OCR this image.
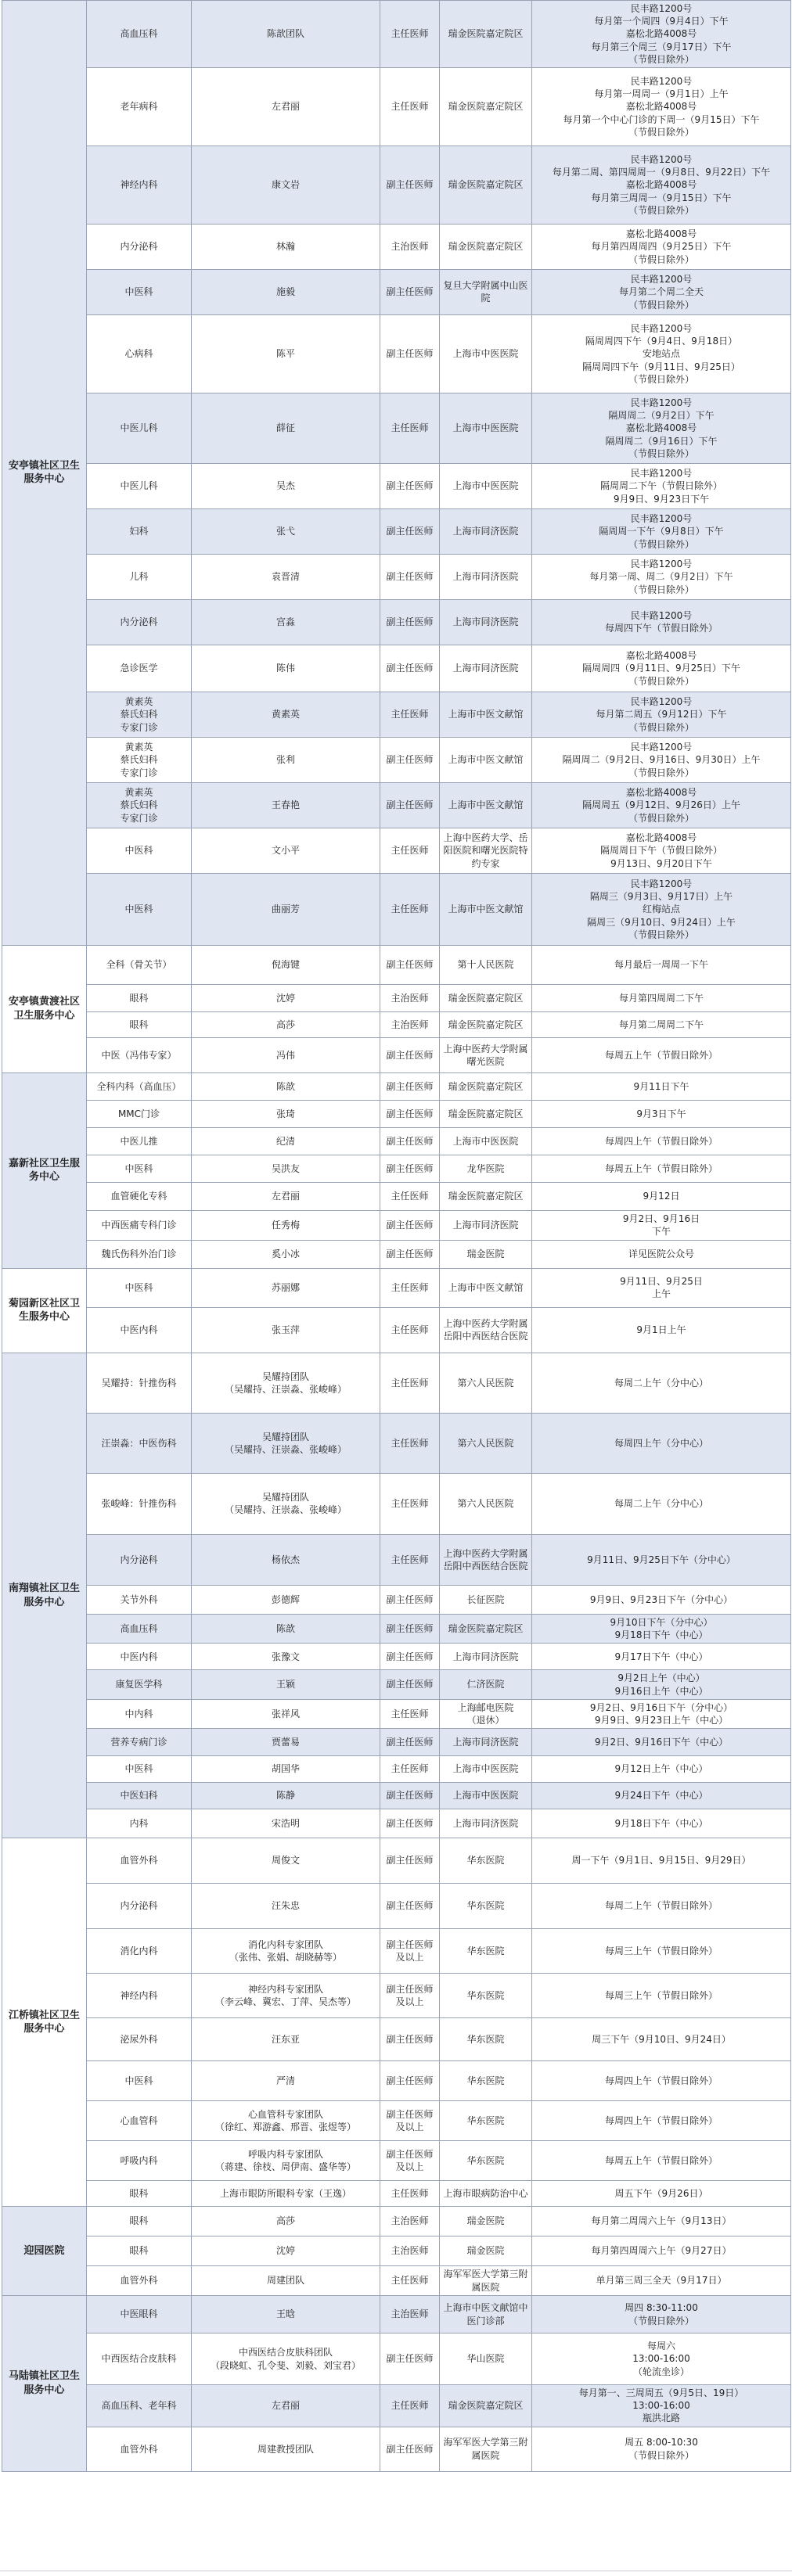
安亭镇社区卫生服务中心	高血压科	陈歆团队	主任医师	瑞金医院嘉定院区	民丰路1200号
每月第一个周四（9月4日）下午
嘉松北路4008号
每月第三个周三（9月17日）下午
（节假日除外）
	老年病科	左君丽	主任医师	瑞金医院嘉定院区	民丰路1200号
每月第一周周一（9月1日）上午
嘉松北路4008号
每月第一个中心门诊的下周一（9月15日）下午
（节假日除外）
	神经内科	康文岩	副主任医师	瑞金医院嘉定院区	民丰路1200号
每月第二周、第四周周一（9月8日、9月22日）下午
嘉松北路4008号
每月第三周周一（9月15日）下午
（节假日除外）
	内分泌科	林瀚	主治医师	瑞金医院嘉定院区	嘉松北路4008号
每月第四周周四（9月25日）下午
（节假日除外）
	中医科	施毅	副主任医师	复旦大学附属中山医院	民丰路1200号
每月第二个周二全天
（节假日除外）
	心病科	陈平	副主任医师	上海市中医医院	民丰路1200号
隔周周四下午（9月4日、9月18日）
安地站点
隔周周四下午（9月11日、9月25日）
（节假日除外）
	中医儿科	薛征	主任医师	上海市中医医院	民丰路1200号
隔周周二（9月2日）下午
嘉松北路4008号
隔周周二（9月16日）下午
（节假日除外）
	中医儿科	吴杰	副主任医师	上海市中医医院	民丰路1200号
隔周周二下午（节假日除外）
9月9日、9月23日下午
	妇科	张弋	副主任医师	上海市同济医院	民丰路1200号
隔周周一下午（9月8日）下午
（节假日除外）
	儿科	袁晋清	副主任医师	上海市同济医院	民丰路1200号
每月第一周、周二（9月2日）下午
（节假日除外）
	内分泌科	宫淼	副主任医师	上海市同济医院	民丰路1200号
每周四下午（节假日除外）
	急诊医学	陈伟	副主任医师	上海市同济医院	嘉松北路4008号
隔周周四（9月11日、9月25日）下午
（节假日除外）
	黄素英
蔡氏妇科
专家门诊	黄素英	主任医师	上海市中医文献馆	民丰路1200号
每月第二周五（9月12日）下午
（节假日除外）
	黄素英
蔡氏妇科
专家门诊	张利	副主任医师	上海市中医文献馆	民丰路1200号
隔周周二（9月2日、9月16日、9月30日）上午
（节假日除外）
	黄素英
蔡氏妇科
专家门诊	王春艳	副主任医师	上海市中医文献馆	嘉松北路4008号
隔周周五（9月12日、9月26日）上午
（节假日除外）
	中医科	文小平	主任医师	上海中医药大学、岳阳医院和曙光医院特约专家	嘉松北路4008号
隔周周日下午（节假日除外）
9月13日、9月20日下午
	中医科	曲丽芳	主任医师	上海市中医文献馆	民丰路1200号
隔周三（9月3日、9月17日）上午
红梅站点
隔周三（9月10日、9月24日）上午
（节假日除外）
安亭镇黄渡社区卫生服务中心	全科（骨关节）	倪海键	副主任医师	第十人民医院	每月最后一周周一下午
	眼科	沈婷	主治医师	瑞金医院嘉定院区	每月第四周周二下午
	眼科	高莎	主治医师	瑞金医院嘉定院区	每月第二周周二下午
	中医（冯伟专家）	冯伟	副主任医师	上海中医药大学附属曙光医院	每周五上午（节假日除外）
嘉新社区卫生服务中心	全科内科（高血压）	陈歆	副主任医师	瑞金医院嘉定院区	9月11日下午
	MMC门诊	张琦	副主任医师	瑞金医院嘉定院区	9月3日下午
	中医儿推	纪清	副主任医师	上海市中医医院	每周四上午（节假日除外）
	中医科	吴洪友	副主任医师	龙华医院	每周五上午（节假日除外）
	血管硬化专科	左君丽	主任医师	瑞金医院嘉定院区	9月12日
	中西医痛专科门诊	任秀梅	副主任医师	上海市同济医院	9月2日、9月16日
下午
	魏氏伤科外治门诊	奚小冰	副主任医师	瑞金医院	详见医院公众号
菊园新区社区卫生服务中心	中医科	苏丽娜	主任医师	上海市中医文献馆	9月11日、9月25日
上午
	中医内科	张玉萍	主任医师	上海中医药大学附属岳阳中西医结合医院	9月1日上午
南翔镇社区卫生服务中心	吴耀持：针推伤科	吴耀持团队
（吴耀持、汪崇淼、张峻峰）	主任医师	第六人民医院	每周二上午（分中心）
	汪崇淼：中医伤科	吴耀持团队
（吴耀持、汪崇淼、张峻峰）	主任医师	第六人民医院	每周四上午（分中心）
	张峻峰：针推伤科	吴耀持团队
（吴耀持、汪崇淼、张峻峰）	主任医师	第六人民医院	每周二上午（分中心）
	内分泌科	杨依杰	主任医师	上海中医药大学附属岳阳中西医结合医院	9月11日、9月25日下午（分中心）
	关节外科	彭德辉	副主任医师	长征医院	9月9日、9月23日下午（分中心）
	高血压科	陈歆	副主任医师	瑞金医院嘉定院区	9月10日下午（分中心）
9月18日下午（中心）
	中医内科	张豫文	副主任医师	上海市同济医院	9月17日下午（中心）
	康复医学科	王颖	副主任医师	仁济医院	9月2日上午（中心）
9月16日上午（中心）
	中内科	张祥风	主任医师	上海邮电医院
（退休）	9月2日、9月16日下午（分中心）
9月9日、9月23日上午（中心）
	营养专病门诊	贾蕾易	副主任医师	上海市同济医院	9月2日、9月16日下午（中心）
	中医科	胡国华	主任医师	上海市中医医院	9月12日上午（中心）
	中医妇科	陈静	副主任医师	上海市中医医院	9月24日下午（中心）
	内科	宋浩明	副主任医师	上海市同济医院	9月18日下午（中心）
江桥镇社区卫生服务中心	血管外科	周俊文	副主任医师	华东医院	周一下午（9月1日、9月15日、9月29日）
	内分泌科	汪朱忠	副主任医师	华东医院	每周二上午（节假日除外）
	消化内科	消化内科专家团队
（张伟、张娟、胡晓赫等）	副主任医师及以上	华东医院	每周三上午（节假日除外）
	神经内科	神经内科专家团队
（李云峰、冀宏、丁萍、吴杰等）	副主任医师及以上	华东医院	每周三上午（节假日除外）
	泌尿外科	汪东亚	副主任医师	华东医院	周三下午（9月10日、9月24日）
	中医科	严清	副主任医师	华东医院	每周四上午（节假日除外）
	心血管科	心血管科专家团队
（徐红、郑游鑫、邢晋、张煜等）	副主任医师及以上	华东医院	每周四上午（节假日除外）
	呼吸内科	呼吸内科专家团队
（蒋建、徐枝、周伊南、盛华等）	副主任医师及以上	华东医院	每周五上午（节假日除外）
	眼科	上海市眼防所眼科专家（王逸）	主任医师	上海市眼病防治中心	周五下午（9月26日）
迎园医院	眼科	高莎	主治医师	瑞金医院	每月第二周周六上午（9月13日）
	眼科	沈婷	主治医师	瑞金医院	每月第四周周六上午（9月27日）
	血管外科	周建团队	主任医师	海军军医大学第三附属医院	单月第三周三全天（9月17日）
马陆镇社区卫生服务中心	中医眼科	王晗	主治医师	上海市中医文献馆中医门诊部	周四 8:30-11:00
（节假日除外）
	中西医结合皮肤科	中西医结合皮肤科团队
（段晓虹、孔令斐、刘毅、刘宝君）	副主任医师	华山医院	每周六
13:00-16:00
（轮流坐诊）
	高血压科、老年科	左君丽	主任医师	瑞金医院嘉定院区	每月第一、三周周五（9月5日、19日）
13:00-16:00
瓶洪北路
	血管外科	周建教授团队	副主任医师	海军军医大学第三附属医院	周五 8:00-10:30
（节假日除外）
